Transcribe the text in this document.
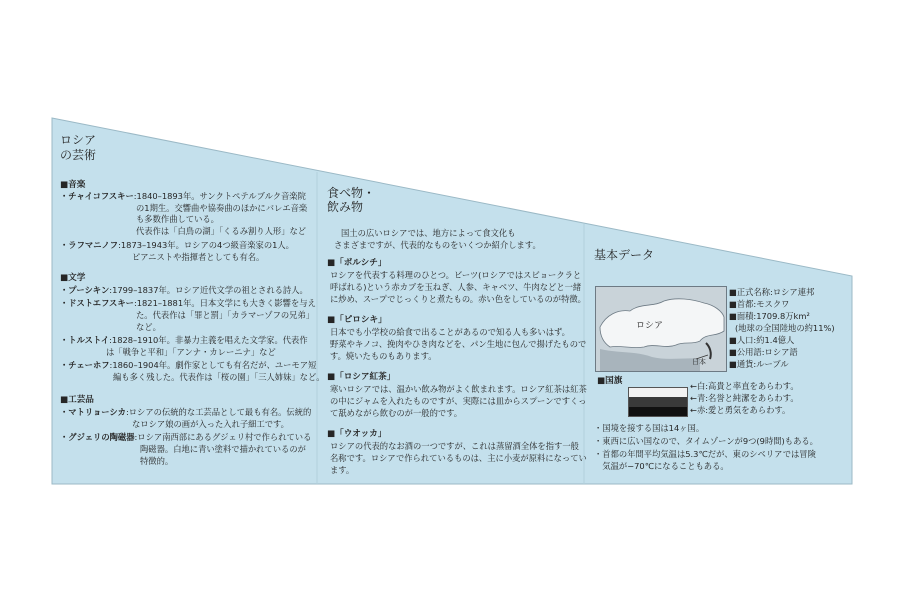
ロシア
の芸術
■音楽
・チャイコフスキー:1840–1893年。サンクトペテルブルク音楽院
の1期生。交響曲や協奏曲のほかにバレエ音楽
も多数作曲している。
代表作は「白鳥の湖」「くるみ割り人形」など
・ラフマニノフ:1873–1943年。ロシアの4つ級音楽家の1人。
ピアニストや指揮者としても有名。
■文学
・プーシキン:1799–1837年。ロシア近代文学の祖とされる詩人。
・ドストエフスキー:1821–1881年。日本文学にも大きく影響を与え
た。代表作は「罪と罰」「カラマーゾフの兄弟」
など。
・トルストイ:1828–1910年。非暴力主義を唱えた文学家。代表作
は「戦争と平和」「アンナ・カレーニナ」など
・チェーホフ:1860–1904年。劇作家としても有名だが、ユーモア短
編も多く残した。代表作は「桜の園」「三人姉妹」など。
■工芸品
・マトリョーシカ:ロシアの伝統的な工芸品として最も有名。伝統的
なロシア娘の画が入った入れ子細工です。
・グジェリの陶磁器:ロシア南西部にあるグジェリ村で作られている
陶磁器。白地に青い塗料で描かれているのが
特徴的。
食べ物・
飲み物
国土の広いロシアでは、地方によって食文化も
さまざまですが、代表的なものをいくつか紹介します。
■「ボルシチ」
ロシアを代表する料理のひとつ。ビーツ(ロシアではスビョークラと
呼ばれる)という赤カブを玉ねぎ、人参、キャベツ、牛肉などと一緒
に炒め、スープでじっくりと煮たもの。赤い色をしているのが特徴。
■「ピロシキ」
日本でも小学校の給食で出ることがあるので知る人も多いはず。
野菜やキノコ、挽肉やひき肉などを、パン生地に包んで揚げたもので
す。焼いたものもあります。
■「ロシア紅茶」
寒いロシアでは、温かい飲み物がよく飲まれます。ロシア紅茶は紅茶
の中にジャムを入れたものですが、実際には皿からスプーンですくっ
て舐めながら飲むのが一般的です。
■「ウオッカ」
ロシアの代表的なお酒の一つですが、これは蒸留酒全体を指す一般
名称です。ロシアで作られているものは、主に小麦が原料になってい
ます。
基本データ
ロシア
日本
■正式名称:ロシア連邦
■首都:モスクワ
■面積:1709.8万km²
(地球の全国陸地の約11%)
■人口:約1.4億人
■公用語:ロシア語
■通貨:ルーブル
■国旗	←白:高貴と率直をあらわす。
←青:名誉と純潔をあらわす。
←赤:愛と勇気をあらわす。
・国境を接する国は14ヶ国。
・東西に広い国なので、タイムゾーンが9つ(9時間)もある。
・首都の年間平均気温は5.3℃だが、東のシベリアでは冒険
　気温が−70℃になることもある。
